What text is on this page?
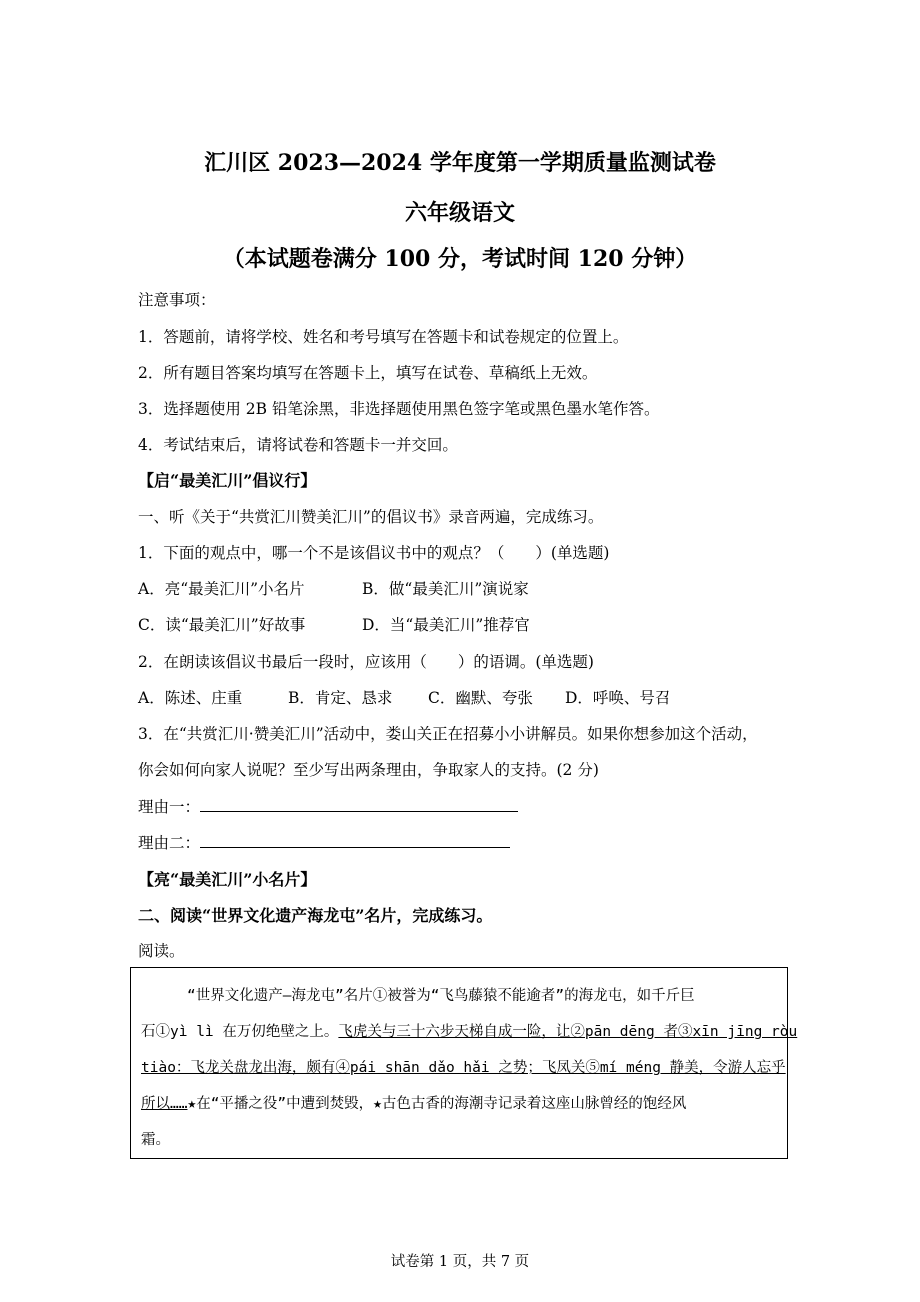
汇川区 2023—2024 学年度第一学期质量监测试卷
六年级语文
（本试题卷满分 100 分，考试时间 120 分钟）
注意事项：
1．答题前，请将学校、姓名和考号填写在答题卡和试卷规定的位置上。
2．所有题目答案均填写在答题卡上，填写在试卷、草稿纸上无效。
3．选择题使用 2B 铅笔涂黑，非选择题使用黑色签字笔或黑色墨水笔作答。
4．考试结束后，请将试卷和答题卡一并交回。
【启“最美汇川”倡议行】
一、听《关于“共赏汇川赞美汇川”的倡议书》录音两遍，完成练习。
1．下面的观点中，哪一个不是该倡议书中的观点？（　　）(单选题)
A．亮“最美汇川”小名片	B．做“最美汇川”演说家
C．读“最美汇川”好故事	D．当“最美汇川”推荐官
2．在朗读该倡议书最后一段时，应该用（　　）的语调。(单选题)
A．陈述、庄重	B．肯定、恳求 C．幽默、夸张 D．呼唤、号召
3．在“共赏汇川·赞美汇川”活动中，娄山关正在招募小小讲解员。如果你想参加这个活动，
你会如何向家人说呢？至少写出两条理由，争取家人的支持。(2 分)
理由一：
理由二：
【亮“最美汇川”小名片】
二、阅读“世界文化遗产海龙屯”名片，完成练习。
阅读。
“世界文化遗产—海龙屯”名片①被誉为“飞鸟藤猿不能逾者”的海龙屯，如千斤巨
石①yì lì 在万仞绝壁之上。飞虎关与三十六步天梯自成一险，让②pān dēng 者③xīn jīng ròu
tiào：飞龙关盘龙出海，颇有④pái shān dǎo hǎi 之势；飞凤关⑤mí méng 静美，令游人忘乎
所以……★在“平播之役”中遭到焚毁，★古色古香的海潮寺记录着这座山脉曾经的饱经风
霜。
试卷第 1 页，共 7 页
